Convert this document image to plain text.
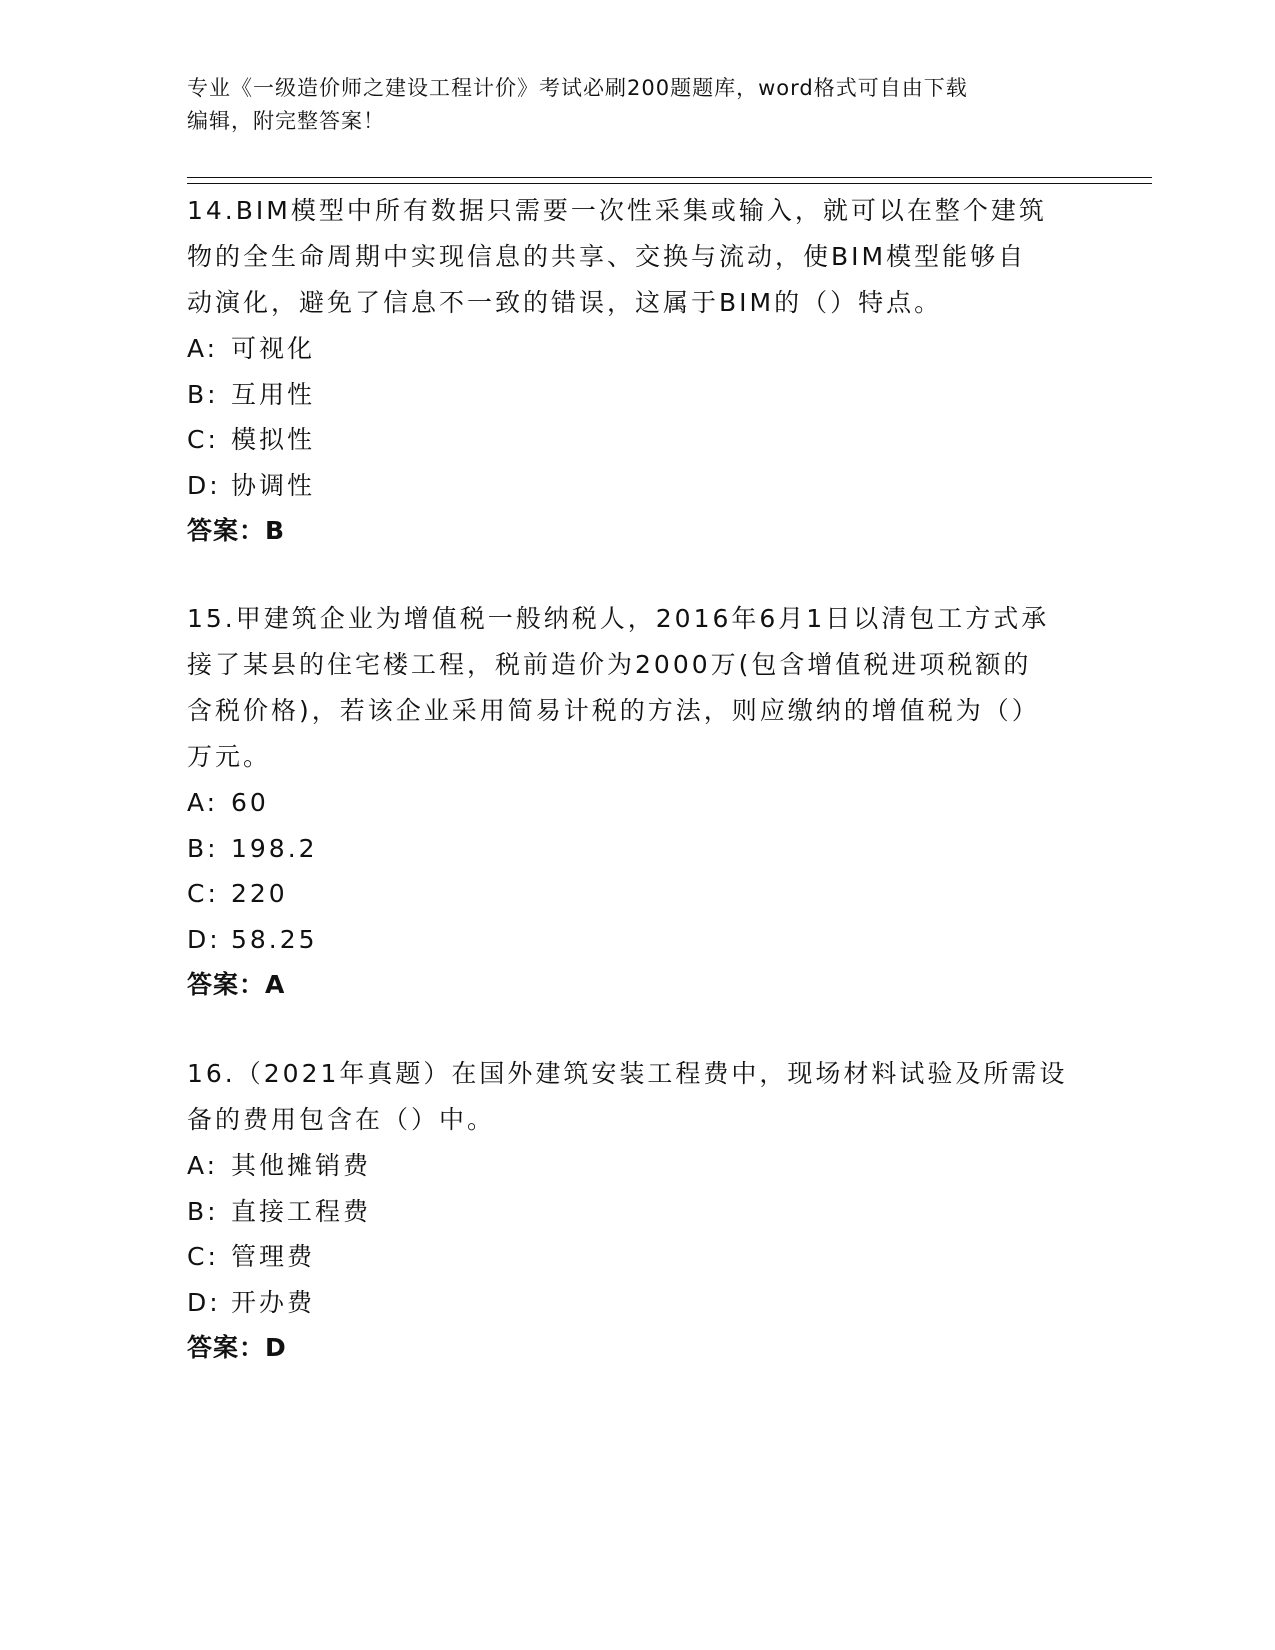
专业《一级造价师之建设工程计价》考试必刷200题题库，word格式可自由下载
编辑，附完整答案！

14.BIM模型中所有数据只需要一次性采集或输入，就可以在整个建筑

物的全生命周期中实现信息的共享、交换与流动，使BIM模型能够自

动演化，避免了信息不一致的错误，这属于BIM的（）特点。

A: 可视化

B: 互用性

C: 模拟性

D: 协调性

答案：B

15.甲建筑企业为增值税一般纳税人，2016年6月1日以清包工方式承

接了某县的住宅楼工程，税前造价为2000万(包含增值税进项税额的

含税价格)，若该企业采用简易计税的方法，则应缴纳的增值税为（）

万元。

A: 60

B: 198.2

C: 220

D: 58.25

答案：A

16.（2021年真题）在国外建筑安装工程费中，现场材料试验及所需设

备的费用包含在（）中。

A: 其他摊销费

B: 直接工程费

C: 管理费

D: 开办费

答案：D
